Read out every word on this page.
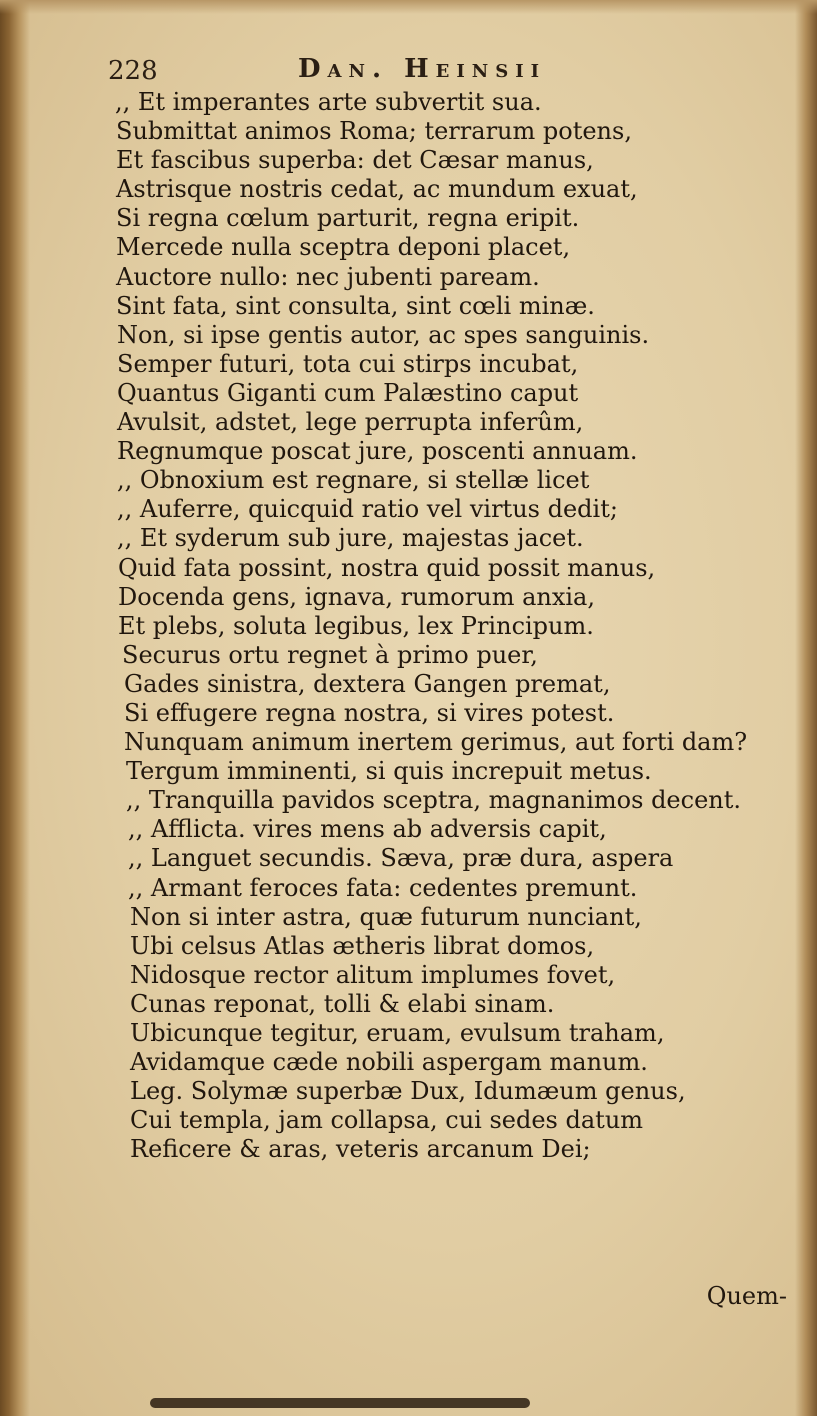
228	Dan. Heinsii
,, Et imperantes arte subvertit sua.
Submittat animos Roma; terrarum potens,
Et fascibus superba: det Cæsar manus,
Astrisque nostris cedat, ac mundum exuat,
Si regna cœlum parturit, regna eripit.
Mercede nulla sceptra deponi placet,
Auctore nullo: nec jubenti paream.
Sint fata, sint consulta, sint cœli minæ.
Non, si ipse gentis autor, ac spes sanguinis.
Semper futuri, tota cui stirps incubat,
Quantus Giganti cum Palæstino caput
Avulsit, adstet, lege perrupta inferûm,
Regnumque poscat jure, poscenti annuam.
,, Obnoxium est regnare, si stellæ licet
,, Auferre, quicquid ratio vel virtus dedit;
,, Et syderum sub jure, majestas jacet.
Quid fata possint, nostra quid possit manus,
Docenda gens, ignava, rumorum anxia,
Et plebs, soluta legibus, lex Principum.
Securus ortu regnet à primo puer,
Gades sinistra, dextera Gangen premat,
Si effugere regna nostra, si vires potest.
Nunquam animum inertem gerimus, aut forti dam?
Tergum imminenti, si quis increpuit metus.
,, Tranquilla pavidos sceptra, magnanimos decent.
,, Afflicta. vires mens ab adversis capit,
,, Languet secundis. Sæva, præ dura, aspera
,, Armant feroces fata: cedentes premunt.
Non si inter astra, quæ futurum nunciant,
Ubi celsus Atlas ætheris librat domos,
Nidosque rector alitum implumes fovet,
Cunas reponat, tolli & elabi sinam.
Ubicunque tegitur, eruam, evulsum traham,
Avidamque cæde nobili aspergam manum.
Leg. Solymæ superbæ Dux, Idumæum genus,
Cui templa, jam collapsa, cui sedes datum
Reficere & aras, veteris arcanum Dei;
Quem-
